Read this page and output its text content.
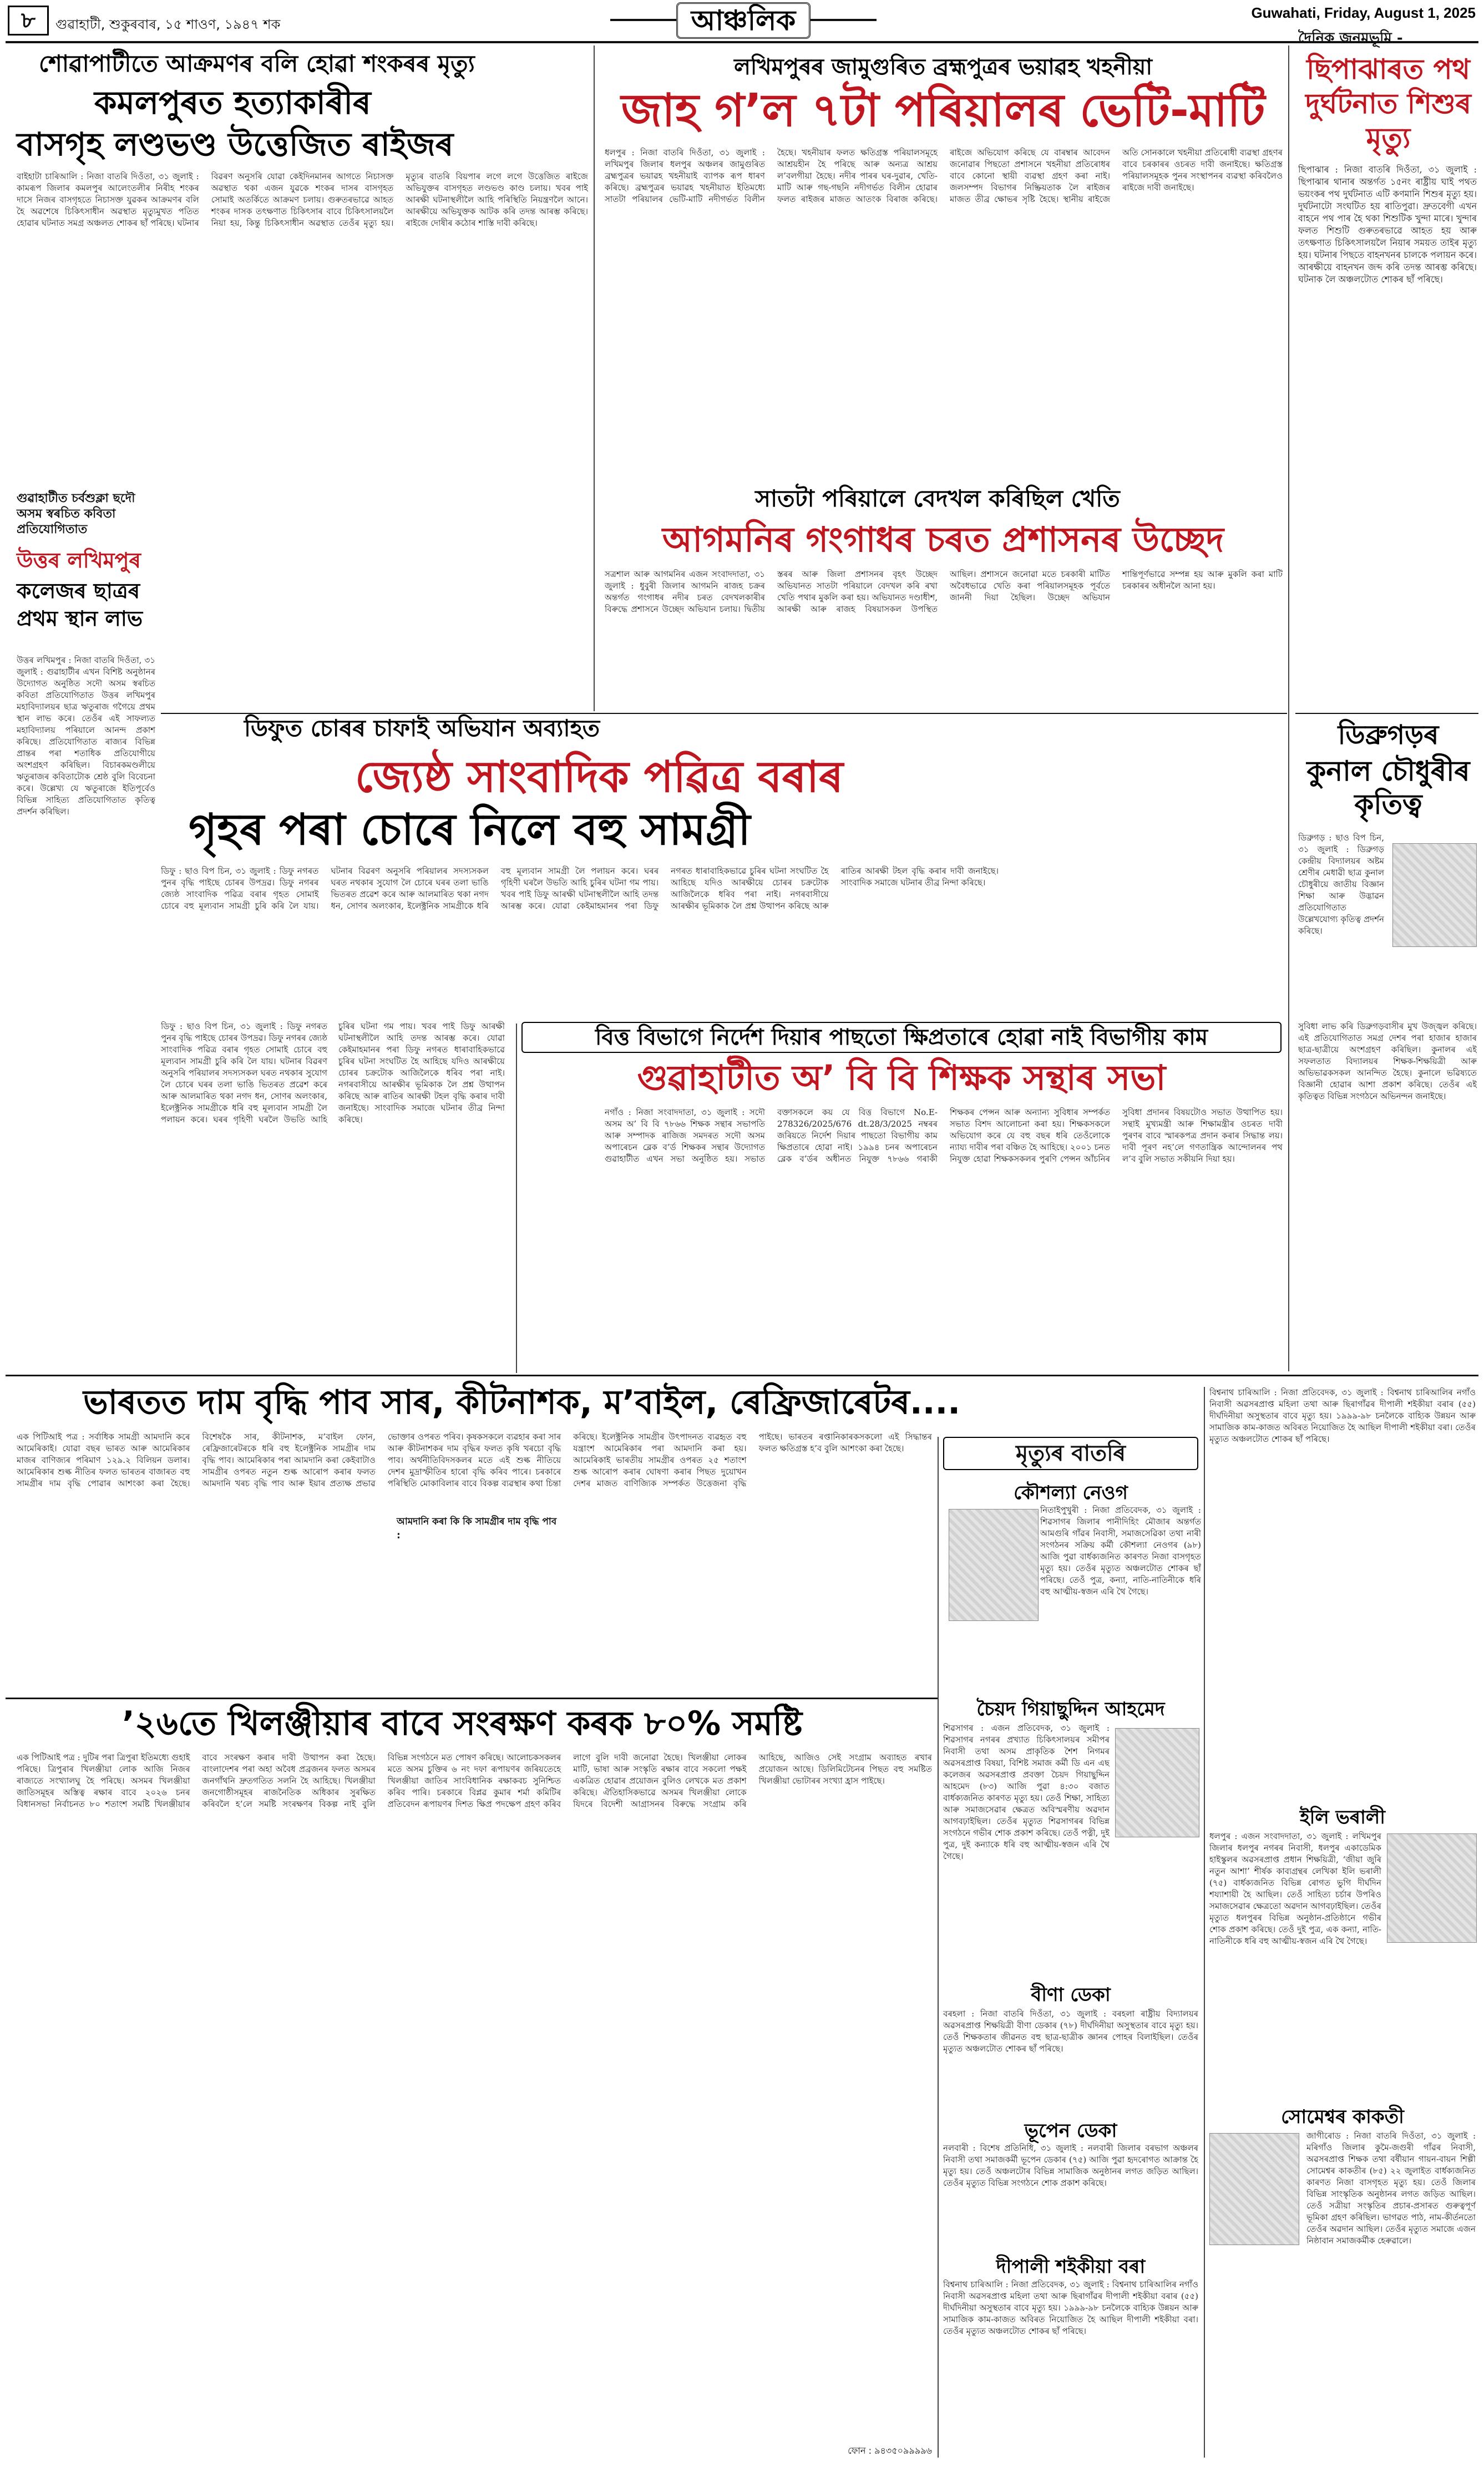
৮	গুৱাহাটী, শুকুৰবাৰ, ১৫ শাওণ, ১৯৪৭ শক	আঞ্চলিক	Guwahati, Friday, August 1, 2025
দৈনিক জনমভূমি -
ছিপাঝাৰত পথ দুৰ্ঘটনাত শিশুৰ মৃত্যু
ছিপাঝাৰ : নিজা বাতৰি দিওঁতা, ৩১ জুলাই : ছিপাঝাৰ থানাৰ অন্তৰ্গত ১৫নং ৰাষ্ট্ৰীয় ঘাই পথত ভয়ংকৰ পথ দুৰ্ঘটনাত এটি কণমানি শিশুৰ মৃত্যু হয়। দুৰ্ঘটনাটো সংঘটিত হয় ৰাতিপুৱা। দ্ৰুতবেগী এখন বাহনে পথ পাৰ হৈ থকা শিশুটিক খুন্দা মাৰে। খুন্দাৰ ফলত শিশুটি গুৰুতৰভাৱে আহত হয় আৰু তৎক্ষণাত চিকিৎসালয়লৈ নিয়াৰ সময়ত তাইৰ মৃত্যু হয়। ঘটনাৰ পিছতে বাহনখনৰ চালকে পলায়ন কৰে। আৰক্ষীয়ে বাহনখন জব্দ কৰি তদন্ত আৰম্ভ কৰিছে। ঘটনাক লৈ অঞ্চলটোত শোকৰ ছাঁ পৰিছে।
ডিব্ৰুগড়ৰ
কুনাল চৌধুৰীৰ কৃতিত্ব
ডিব্ৰুগড় : ছাও বিপ চিন, ৩১ জুলাই : ডিব্ৰুগড় কেন্দ্ৰীয় বিদ্যালয়ৰ অষ্টম শ্ৰেণীৰ মেধাৱী ছাত্ৰ কুনাল চৌধুৰীয়ে জাতীয় বিজ্ঞান শিক্ষা আৰু উদ্ভাৱন প্ৰতিযোগিতাত উল্লেখযোগ্য কৃতিত্ব প্ৰদৰ্শন কৰিছে।
সুবিধা লাভ কৰি ডিব্ৰুগড়বাসীৰ মুখ উজ্জ্বল কৰিছে। এই প্ৰতিযোগিতাত সমগ্ৰ দেশৰ পৰা হাজাৰ হাজাৰ ছাত্ৰ-ছাত্ৰীয়ে অংশগ্ৰহণ কৰিছিল। কুনালৰ এই সফলতাত বিদ্যালয়ৰ শিক্ষক-শিক্ষয়িত্ৰী আৰু অভিভাৱকসকল আনন্দিত হৈছে। কুনালে ভৱিষ্যতে বিজ্ঞানী হোৱাৰ আশা প্ৰকাশ কৰিছে। তেওঁৰ এই কৃতিত্বত বিভিন্ন সংগঠনে অভিনন্দন জনাইছে।
শোৱাপাটীতে আক্ৰমণৰ বলি হোৱা শংকৰৰ মৃত্যু
কমলপুৰত হত্যাকাৰীৰ
বাসগৃহ লণ্ডভণ্ড উত্তেজিত ৰাইজৰ
বাইহাটা চাৰিআলি : নিজা বাতৰি দিওঁতা, ৩১ জুলাই : কামৰূপ জিলাৰ কমলপুৰ আলেংতলীৰ নিৰীহ শংকৰ দাসে নিজৰ বাসগৃহতে নিচাসক্ত যুৱকৰ আক্ৰমণৰ বলি হৈ অৱশেষে চিকিৎসাধীন অৱস্থাত মৃত্যুমুখত পতিত হোৱাৰ ঘটনাত সমগ্ৰ অঞ্চলত শোকৰ ছাঁ পৰিছে। ঘটনাৰ বিৱৰণ অনুসৰি যোৱা কেইদিনমানৰ আগতে নিচাসক্ত অৱস্থাত থকা এজন যুৱকে শংকৰ দাসৰ বাসগৃহত সোমাই অতৰ্কিতে আক্ৰমণ চলায়। গুৰুতৰভাৱে আহত শংকৰ দাসক তৎক্ষণাত চিকিৎসাৰ বাবে চিকিৎসালয়লৈ নিয়া হয়, কিন্তু চিকিৎসাধীন অৱস্থাত তেওঁৰ মৃত্যু হয়। মৃত্যুৰ বাতৰি বিয়পাৰ লগে লগে উত্তেজিত ৰাইজে অভিযুক্তৰ বাসগৃহত লণ্ডভণ্ড কাণ্ড চলায়। খবৰ পাই আৰক্ষী ঘটনাস্থলীলৈ আহি পৰিস্থিতি নিয়ন্ত্ৰণলৈ আনে। আৰক্ষীয়ে অভিযুক্তক আটক কৰি তদন্ত আৰম্ভ কৰিছে। ৰাইজে দোষীৰ কঠোৰ শাস্তি দাবী কৰিছে।
গুৱাহাটীত চৰ্বশুক্লা ছদৌ অসম স্বৰচিত কবিতা প্ৰতিযোগিতাত
উত্তৰ লখিমপুৰ
কলেজৰ ছাত্ৰৰ প্ৰথম স্থান লাভ
উত্তৰ লখিমপুৰ : নিজা বাতৰি দিওঁতা, ৩১ জুলাই : গুৱাহাটীৰ এখন বিশিষ্ট অনুষ্ঠানৰ উদ্যোগত অনুষ্ঠিত সদৌ অসম স্বৰচিত কবিতা প্ৰতিযোগিতাত উত্তৰ লখিমপুৰ মহাবিদ্যালয়ৰ ছাত্ৰ ঋতুৰাজ গগৈয়ে প্ৰথম স্থান লাভ কৰে। তেওঁৰ এই সাফল্যত মহাবিদ্যালয় পৰিয়ালে আনন্দ প্ৰকাশ কৰিছে। প্ৰতিযোগিতাত ৰাজ্যৰ বিভিন্ন প্ৰান্তৰ পৰা শতাধিক প্ৰতিযোগীয়ে অংশগ্ৰহণ কৰিছিল। বিচাৰকমণ্ডলীয়ে ঋতুৰাজৰ কবিতাটোক শ্ৰেষ্ঠ বুলি বিবেচনা কৰে। উল্লেখ্য যে ঋতুৰাজে ইতিপূৰ্বেও বিভিন্ন সাহিত্য প্ৰতিযোগিতাত কৃতিত্ব প্ৰদৰ্শন কৰিছিল।
লখিমপুৰৰ জামুগুৰিত ব্ৰহ্মপুত্ৰৰ ভয়াৱহ খহনীয়া
জাহ গ’ল ৭টা পৰিয়ালৰ ভেটি-মাটি
ধলপুৰ : নিজা বাতৰি দিওঁতা, ৩১ জুলাই : লখিমপুৰ জিলাৰ ধলপুৰ অঞ্চলৰ জামুগুৰিত ব্ৰহ্মপুত্ৰৰ ভয়াৱহ খহনীয়াই ব্যাপক ৰূপ ধাৰণ কৰিছে। ব্ৰহ্মপুত্ৰৰ ভয়াৱহ খহনীয়াত ইতিমধ্যে সাতটা পৰিয়ালৰ ভেটি-মাটি নদীগৰ্ভত বিলীন হৈছে। খহনীয়াৰ ফলত ক্ষতিগ্ৰস্ত পৰিয়ালসমূহে আশ্ৰয়হীন হৈ পৰিছে আৰু অন্যত্ৰ আশ্ৰয় ল’বলগীয়া হৈছে। নদীৰ পাৰৰ ঘৰ-দুৱাৰ, খেতি-মাটি আৰু গছ-গছনি নদীগৰ্ভত বিলীন হোৱাৰ ফলত ৰাইজৰ মাজত আতংক বিৰাজ কৰিছে। ৰাইজে অভিযোগ কৰিছে যে বাৰম্বাৰ আবেদন জনোৱাৰ পিছতো প্ৰশাসনে খহনীয়া প্ৰতিৰোধৰ বাবে কোনো স্থায়ী ব্যৱস্থা গ্ৰহণ কৰা নাই। জলসম্পদ বিভাগৰ নিষ্ক্ৰিয়তাক লৈ ৰাইজৰ মাজত তীব্ৰ ক্ষোভৰ সৃষ্টি হৈছে। স্থানীয় ৰাইজে অতি সোনকালে খহনীয়া প্ৰতিৰোধী ব্যৱস্থা গ্ৰহণৰ বাবে চৰকাৰৰ ওচৰত দাবী জনাইছে। ক্ষতিগ্ৰস্ত পৰিয়ালসমূহক পুনৰ সংস্থাপনৰ ব্যৱস্থা কৰিবলৈও ৰাইজে দাবী জনাইছে।
সাতটা পৰিয়ালে বেদখল কৰিছিল খেতি
আগমনিৰ গংগাধৰ চৰত প্ৰশাসনৰ উচ্ছেদ
সত্ৰশাল আৰু আগমনিৰ এজন সংবাদদাতা, ৩১ জুলাই : ধুবুৰী জিলাৰ আগমনি ৰাজহ চক্ৰৰ অন্তৰ্গত গংগাধৰ নদীৰ চৰত বেদখলকাৰীৰ বিৰুদ্ধে প্ৰশাসনে উচ্ছেদ অভিযান চলায়। দ্বিতীয় স্তৰৰ আৰু জিলা প্ৰশাসনৰ বৃহৎ উচ্ছেদ অভিযানত সাতটা পৰিয়ালে বেদখল কৰি ৰখা খেতি পথাৰ মুকলি কৰা হয়। অভিযানত দণ্ডাধীশ, আৰক্ষী আৰু ৰাজহ বিষয়াসকল উপস্থিত আছিল। প্ৰশাসনে জনোৱা মতে চৰকাৰী মাটিত অবৈধভাৱে খেতি কৰা পৰিয়ালসমূহক পূৰ্বতে জাননী দিয়া হৈছিল। উচ্ছেদ অভিযান শান্তিপূৰ্ণভাৱে সম্পন্ন হয় আৰু মুকলি কৰা মাটি চৰকাৰৰ অধীনলৈ আনা হয়।
ডিফুত চোৰৰ চাফাই অভিযান অব্যাহত
জ্যেষ্ঠ সাংবাদিক পৱিত্ৰ বৰাৰ
গৃহৰ পৰা চোৰে নিলে বহু সামগ্ৰী
ডিফু : ছাও বিপ চিন, ৩১ জুলাই : ডিফু নগৰত পুনৰ বৃদ্ধি পাইছে চোৰৰ উপদ্ৰৱ। ডিফু নগৰৰ জ্যেষ্ঠ সাংবাদিক পৱিত্ৰ বৰাৰ গৃহত সোমাই চোৰে বহু মূল্যবান সামগ্ৰী চুৰি কৰি লৈ যায়। ঘটনাৰ বিৱৰণ অনুসৰি পৰিয়ালৰ সদস্যসকল ঘৰত নথকাৰ সুযোগ লৈ চোৰে ঘৰৰ তলা ভাঙি ভিতৰত প্ৰৱেশ কৰে আৰু আলমাৰিত থকা নগদ ধন, সোণৰ অলংকাৰ, ইলেক্ট্ৰনিক সামগ্ৰীকে ধৰি বহু মূল্যবান সামগ্ৰী লৈ পলায়ন কৰে। ঘৰৰ গৃহিণী ঘৰলৈ উভতি আহি চুৰিৰ ঘটনা গম পায়। খবৰ পাই ডিফু আৰক্ষী ঘটনাস্থলীলৈ আহি তদন্ত আৰম্ভ কৰে। যোৱা কেইমাহমানৰ পৰা ডিফু নগৰত ধাৰাবাহিকভাৱে চুৰিৰ ঘটনা সংঘটিত হৈ আহিছে যদিও আৰক্ষীয়ে চোৰৰ চক্ৰটোক আজিলৈকে ধৰিব পৰা নাই। নগৰবাসীয়ে আৰক্ষীৰ ভূমিকাক লৈ প্ৰশ্ন উত্থাপন কৰিছে আৰু ৰাতিৰ আৰক্ষী টহল বৃদ্ধি কৰাৰ দাবী জনাইছে। সাংবাদিক সমাজে ঘটনাৰ তীব্ৰ নিন্দা কৰিছে।
বিত্ত বিভাগে নিৰ্দেশ দিয়াৰ পাছতো ক্ষিপ্ৰতাৰে হোৱা নাই বিভাগীয় কাম
গুৱাহাটীত অ’ বি বি শিক্ষক সন্থাৰ সভা
নগাঁও : নিজা সংবাদদাতা, ৩১ জুলাই : সদৌ অসম অ’ বি বি ৭৮৬৬ শিক্ষক সন্থাৰ সভাপতি আৰু সম্পাদক ৰাজিজ সমদৰত সদৌ অসম অপাৰেচন ব্লেক ব’ৰ্ড শিক্ষকৰ সন্থাৰ উদ্যোগত গুৱাহাটীত এখন সভা অনুষ্ঠিত হয়। সভাত বক্তাসকলে কয় যে বিত্ত বিভাগে No.E-278326/2025/676 dt.28/3/2025 নম্বৰৰ জৰিয়তে নিৰ্দেশ দিয়াৰ পাছতো বিভাগীয় কাম ক্ষিপ্ৰতাৰে হোৱা নাই। ১৯৯৪ চনৰ অপাৰেচন ব্লেক ব’ৰ্ডৰ অধীনত নিযুক্ত ৭৮৬৬ গৰাকী শিক্ষকৰ পেন্সন আৰু অন্যান্য সুবিধাৰ সম্পৰ্কত সভাত বিশদ আলোচনা কৰা হয়। শিক্ষকসকলে অভিযোগ কৰে যে বহু বছৰ ধৰি তেওঁলোকে ন্যায্য দাবীৰ পৰা বঞ্চিত হৈ আহিছে। ২০০১ চনত নিযুক্ত হোৱা শিক্ষকসকলৰ পুৰণি পেন্সন আঁচনিৰ সুবিধা প্ৰদানৰ বিষয়টোও সভাত উত্থাপিত হয়। সন্থাই মুখ্যমন্ত্ৰী আৰু শিক্ষামন্ত্ৰীৰ ওচৰত দাবী পুৰণৰ বাবে স্মাৰকপত্ৰ প্ৰদান কৰাৰ সিদ্ধান্ত লয়। দাবী পূৰণ নহ’লে গণতান্ত্ৰিক আন্দোলনৰ পথ ল’ব বুলি সভাত সকীয়নি দিয়া হয়।
ডিফু : ছাও বিপ চিন, ৩১ জুলাই : ডিফু নগৰত পুনৰ বৃদ্ধি পাইছে চোৰৰ উপদ্ৰৱ। ডিফু নগৰৰ জ্যেষ্ঠ সাংবাদিক পৱিত্ৰ বৰাৰ গৃহত সোমাই চোৰে বহু মূল্যবান সামগ্ৰী চুৰি কৰি লৈ যায়। ঘটনাৰ বিৱৰণ অনুসৰি পৰিয়ালৰ সদস্যসকল ঘৰত নথকাৰ সুযোগ লৈ চোৰে ঘৰৰ তলা ভাঙি ভিতৰত প্ৰৱেশ কৰে আৰু আলমাৰিত থকা নগদ ধন, সোণৰ অলংকাৰ, ইলেক্ট্ৰনিক সামগ্ৰীকে ধৰি বহু মূল্যবান সামগ্ৰী লৈ পলায়ন কৰে। ঘৰৰ গৃহিণী ঘৰলৈ উভতি আহি চুৰিৰ ঘটনা গম পায়। খবৰ পাই ডিফু আৰক্ষী ঘটনাস্থলীলৈ আহি তদন্ত আৰম্ভ কৰে। যোৱা কেইমাহমানৰ পৰা ডিফু নগৰত ধাৰাবাহিকভাৱে চুৰিৰ ঘটনা সংঘটিত হৈ আহিছে যদিও আৰক্ষীয়ে চোৰৰ চক্ৰটোক আজিলৈকে ধৰিব পৰা নাই। নগৰবাসীয়ে আৰক্ষীৰ ভূমিকাক লৈ প্ৰশ্ন উত্থাপন কৰিছে আৰু ৰাতিৰ আৰক্ষী টহল বৃদ্ধি কৰাৰ দাবী জনাইছে। সাংবাদিক সমাজে ঘটনাৰ তীব্ৰ নিন্দা কৰিছে।
ভাৰতত দাম বৃদ্ধি পাব সাৰ, কীটনাশক, ম’বাইল, ৰেফ্ৰিজাৰেটৰ....
এক পিটিআই পত্ৰ : সৰ্বাধিক সামগ্ৰী আমদানি কৰে আমেৰিকাই। যোৱা বছৰ ভাৰত আৰু আমেৰিকাৰ মাজৰ বাণিজ্যৰ পৰিমাণ ১২৯.২ বিলিয়ন ডলাৰ। আমেৰিকাৰ শুল্ক নীতিৰ ফলত ভাৰতৰ বাজাৰত বহু সামগ্ৰীৰ দাম বৃদ্ধি পোৱাৰ আশংকা কৰা হৈছে। বিশেষকৈ সাৰ, কীটনাশক, ম’বাইল ফোন, ৰেফ্ৰিজাৰেটৰকে ধৰি বহু ইলেক্ট্ৰনিক সামগ্ৰীৰ দাম বৃদ্ধি পাব। আমেৰিকাৰ পৰা আমদানি কৰা কেইবাটাও সামগ্ৰীৰ ওপৰত নতুন শুল্ক আৰোপ কৰাৰ ফলত আমদানি খৰচ বৃদ্ধি পাব আৰু ইয়াৰ প্ৰত্যক্ষ প্ৰভাৱ ভোক্তাৰ ওপৰত পৰিব। কৃষকসকলে ব্যৱহাৰ কৰা সাৰ আৰু কীটনাশকৰ দাম বৃদ্ধিৰ ফলত কৃষি খৰচো বৃদ্ধি পাব। অৰ্থনীতিবিদসকলৰ মতে এই শুল্ক নীতিয়ে দেশৰ মুদ্ৰাস্ফীতিৰ হাৰো বৃদ্ধি কৰিব পাৰে। চৰকাৰে পৰিস্থিতি মোকাবিলাৰ বাবে বিকল্প ব্যৱস্থাৰ কথা চিন্তা কৰিছে। ইলেক্ট্ৰনিক সামগ্ৰীৰ উৎপাদনত ব্যৱহৃত বহু যন্ত্ৰাংশ আমেৰিকাৰ পৰা আমদানি কৰা হয়। আমেৰিকাই ভাৰতীয় সামগ্ৰীৰ ওপৰত ২৫ শতাংশ শুল্ক আৰোপ কৰাৰ ঘোষণা কৰাৰ পিছত দুয়োখন দেশৰ মাজত বাণিজ্যিক সম্পৰ্কত উত্তেজনা বৃদ্ধি পাইছে। ভাৰতৰ ৰপ্তানিকাৰকসকলো এই সিদ্ধান্তৰ ফলত ক্ষতিগ্ৰস্ত হ’ব বুলি আশংকা কৰা হৈছে।
আমদানি কৰা কি কি সামগ্ৰীৰ দাম বৃদ্ধি পাব :
’২৬তে খিলঞ্জীয়াৰ বাবে সংৰক্ষণ কৰক ৮০% সমষ্টি
এক পিটিআই পত্ৰ : দুটিৰ পৰা ত্ৰিপুৰা ইতিমধ্যে গুহাই পৰিছে। ত্ৰিপুৰাৰ খিলঞ্জীয়া লোক আজি নিজৰ ৰাজ্যতে সংখ্যালঘু হৈ পৰিছে। অসমৰ খিলঞ্জীয়া জাতিসমূহৰ অস্তিত্ব ৰক্ষাৰ বাবে ২০২৬ চনৰ বিধানসভা নিৰ্বাচনত ৮০ শতাংশ সমষ্টি খিলঞ্জীয়াৰ বাবে সংৰক্ষণ কৰাৰ দাবী উত্থাপন কৰা হৈছে। বাংলাদেশৰ পৰা অহা অবৈধ প্ৰব্ৰজনৰ ফলত অসমৰ জনগাঁথনি দ্ৰুতগতিত সলনি হৈ আহিছে। খিলঞ্জীয়া জনগোষ্ঠীসমূহৰ ৰাজনৈতিক অধিকাৰ সুৰক্ষিত কৰিবলৈ হ’লে সমষ্টি সংৰক্ষণৰ বিকল্প নাই বুলি বিভিন্ন সংগঠনে মত পোষণ কৰিছে। আলোচকসকলৰ মতে অসম চুক্তিৰ ৬ নং দফা ৰূপায়ণৰ জৰিয়তেহে খিলঞ্জীয়া জাতিৰ সাংবিধানিক ৰক্ষাকবচ সুনিশ্চিত কৰিব পাৰি। চৰকাৰে বিপ্লৱ কুমাৰ শৰ্মা কমিটিৰ প্ৰতিবেদন ৰূপায়ণৰ দিশত ক্ষিপ্ৰ পদক্ষেপ গ্ৰহণ কৰিব লাগে বুলি দাবী জনোৱা হৈছে। খিলঞ্জীয়া লোকৰ মাটি, ভাষা আৰু সংস্কৃতি ৰক্ষাৰ বাবে সকলো পক্ষই একত্ৰিত হোৱাৰ প্ৰয়োজন বুলিও লেখকে মত প্ৰকাশ কৰিছে। ঐতিহাসিকভাৱে অসমৰ খিলঞ্জীয়া লোকে যিদৰে বিদেশী আগ্ৰাসনৰ বিৰুদ্ধে সংগ্ৰাম কৰি আহিছে, আজিও সেই সংগ্ৰাম অব্যাহত ৰখাৰ প্ৰয়োজন আছে। ডিলিমিটেচনৰ পিছত বহু সমষ্টিত খিলঞ্জীয়া ভোটাৰৰ সংখ্যা হ্ৰাস পাইছে।
ফোন : ৯৪৩৫০৯৯৯৯৬
মৃত্যুৰ বাতৰি
কৌশল্যা নেওগ
নিতাইপুখুৰী : নিজা প্ৰতিবেদক, ৩১ জুলাই : শিৱসাগৰ জিলাৰ পানীদিহিং মৌজাৰ অন্তৰ্গত আমগুৰি গাঁৱৰ নিবাসী, সমাজসেৱিকা তথা নাৰী সংগঠনৰ সক্ৰিয় কৰ্মী কৌশল্যা নেওগৰ (৯৮) আজি পুৱা বাৰ্ধক্যজনিত কাৰণত নিজা বাসগৃহত মৃত্যু হয়। তেওঁৰ মৃত্যুত অঞ্চলটোত শোকৰ ছাঁ পৰিছে। তেওঁ পুত্ৰ, কন্যা, নাতি-নাতিনীকে ধৰি বহু আত্মীয়-স্বজন এৰি থৈ গৈছে।
চৈয়দ গিয়াছুদ্দিন আহমেদ
শিৱসাগৰ : এজন প্ৰতিবেদক, ৩১ জুলাই : শিৱসাগৰ নগৰৰ প্ৰখ্যাত চিকিৎসালয়ৰ সমীপৰ নিবাসী তথা অসম প্ৰাকৃতিক শৈশ নিগমৰ অৱসৰপ্ৰাপ্ত বিষয়া, বিশিষ্ট সমাজ কৰ্মী ডি এন এছ কলেজৰ অৱসৰপ্ৰাপ্ত প্ৰবক্তা চৈয়দ গিয়াছুদ্দিন আহমেদ (৮৩) আজি পুৱা ৪:৩০ বজাত বাৰ্ধক্যজনিত কাৰণত মৃত্যু হয়। তেওঁ শিক্ষা, সাহিত্য আৰু সমাজসেৱাৰ ক্ষেত্ৰত অবিস্মৰণীয় অৱদান আগবঢ়াইছিল। তেওঁৰ মৃত্যুত শিৱসাগৰৰ বিভিন্ন সংগঠনে গভীৰ শোক প্ৰকাশ কৰিছে। তেওঁ পত্নী, দুই পুত্ৰ, দুই কন্যাকে ধৰি বহু আত্মীয়-স্বজন এৰি থৈ গৈছে।
বীণা ডেকা
বৰহলা : নিজা বাতৰি দিওঁতা, ৩১ জুলাই : বৰহলা ৰাষ্ট্ৰীয় বিদ্যালয়ৰ অৱসৰপ্ৰাপ্ত শিক্ষয়িত্ৰী বীণা ডেকাৰ (৭৮) দীৰ্ঘদিনীয়া অসুস্থতাৰ বাবে মৃত্যু হয়। তেওঁ শিক্ষকতাৰ জীৱনত বহু ছাত্ৰ-ছাত্ৰীক জ্ঞানৰ পোহৰ বিলাইছিল। তেওঁৰ মৃত্যুত অঞ্চলটোত শোকৰ ছাঁ পৰিছে।
ভূপেন ডেকা
নলবাৰী : বিশেষ প্ৰতিনিধি, ৩১ জুলাই : নলবাৰী জিলাৰ বৰভাগ অঞ্চলৰ নিবাসী তথা সমাজকৰ্মী ভূপেন ডেকাৰ (৭৫) আজি পুৱা হৃদৰোগত আক্ৰান্ত হৈ মৃত্যু হয়। তেওঁ অঞ্চলটোৰ বিভিন্ন সামাজিক অনুষ্ঠানৰ লগত জড়িত আছিল। তেওঁৰ মৃত্যুত বিভিন্ন সংগঠনে শোক প্ৰকাশ কৰিছে।
দীপালী শইকীয়া বৰা
বিশ্বনাথ চাৰিআলি : নিজা প্ৰতিবেদক, ৩১ জুলাই : বিশ্বনাথ চাৰিআলিৰ নগাঁও নিবাসী অৱসৰপ্ৰাপ্ত মহিলা তথা আৰু ছিৰাগাঁৱৰ দীপালী শইকীয়া বৰাৰ (৫৫) দীৰ্ঘদিনীয়া অসুস্থতাৰ বাবে মৃত্যু হয়। ১৯৯৯-৯৮ চনলৈকে বাহ্যিক উন্নয়ন আৰু সামাজিক কাম-কাজত অবিৰত নিয়োজিত হৈ আছিল দীপালী শইকীয়া বৰা। তেওঁৰ মৃত্যুত অঞ্চলটোত শোকৰ ছাঁ পৰিছে।
বিশ্বনাথ চাৰিআলি : নিজা প্ৰতিবেদক, ৩১ জুলাই : বিশ্বনাথ চাৰিআলিৰ নগাঁও নিবাসী অৱসৰপ্ৰাপ্ত মহিলা তথা আৰু ছিৰাগাঁৱৰ দীপালী শইকীয়া বৰাৰ (৫৫) দীৰ্ঘদিনীয়া অসুস্থতাৰ বাবে মৃত্যু হয়। ১৯৯৯-৯৮ চনলৈকে বাহ্যিক উন্নয়ন আৰু সামাজিক কাম-কাজত অবিৰত নিয়োজিত হৈ আছিল দীপালী শইকীয়া বৰা। তেওঁৰ মৃত্যুত অঞ্চলটোত শোকৰ ছাঁ পৰিছে।
ইলি ভৰালী
ধলপুৰ : এজন সংবাদদাতা, ৩১ জুলাই : লখিমপুৰ জিলাৰ ধলপুৰ নগৰৰ নিবাসী, ধলপুৰ একাডেমিক হাইস্কুলৰ অৱসৰপ্ৰাপ্ত প্ৰধান শিক্ষয়িত্ৰী, ‘জীয়া জুৰি নতুন আশা’ শীৰ্ষক কাব্যগ্ৰন্থৰ লেখিকা ইলি ভৰালী (৭৫) বাৰ্ধক্যজনিত বিভিন্ন ৰোগত ভুগি দীৰ্ঘদিন শয্যাশায়ী হৈ আছিল। তেওঁ সাহিত্য চৰ্চাৰ উপৰিও সমাজসেৱাৰ ক্ষেত্ৰতো অৱদান আগবঢ়াইছিল। তেওঁৰ মৃত্যুত ধলপুৰৰ বিভিন্ন অনুষ্ঠান-প্ৰতিষ্ঠানে গভীৰ শোক প্ৰকাশ কৰিছে। তেওঁ দুই পুত্ৰ, এক কন্যা, নাতি-নাতিনীকে ধৰি বহু আত্মীয়-স্বজন এৰি থৈ গৈছে।
সোমেশ্বৰ কাকতী
জাগীৰোড : নিজা বাতৰি দিওঁতা, ৩১ জুলাই : মৰিগাঁও জিলাৰ কুমৈ-জগুৰী গাঁৱৰ নিবাসী, অৱসৰপ্ৰাপ্ত শিক্ষক তথা বৰ্ষীয়ান গায়ন-বায়ন শিল্পী সোমেশ্বৰ কাকতীৰ (৮৫) ২২ জুলাইত বাৰ্ধক্যজনিত কাৰণত নিজা বাসগৃহত মৃত্যু হয়। তেওঁ জিলাৰ বিভিন্ন সাংস্কৃতিক অনুষ্ঠানৰ লগত জড়িত আছিল। তেওঁ সত্ৰীয়া সংস্কৃতিৰ প্ৰচাৰ-প্ৰসাৰত গুৰুত্বপূৰ্ণ ভূমিকা গ্ৰহণ কৰিছিল। ভাগৱত পাঠ, নাম-কীৰ্তনতো তেওঁৰ অৱদান আছিল। তেওঁৰ মৃত্যুত সমাজে এজন নিষ্ঠাবান সমাজকৰ্মীক হেৰুৱালে।
